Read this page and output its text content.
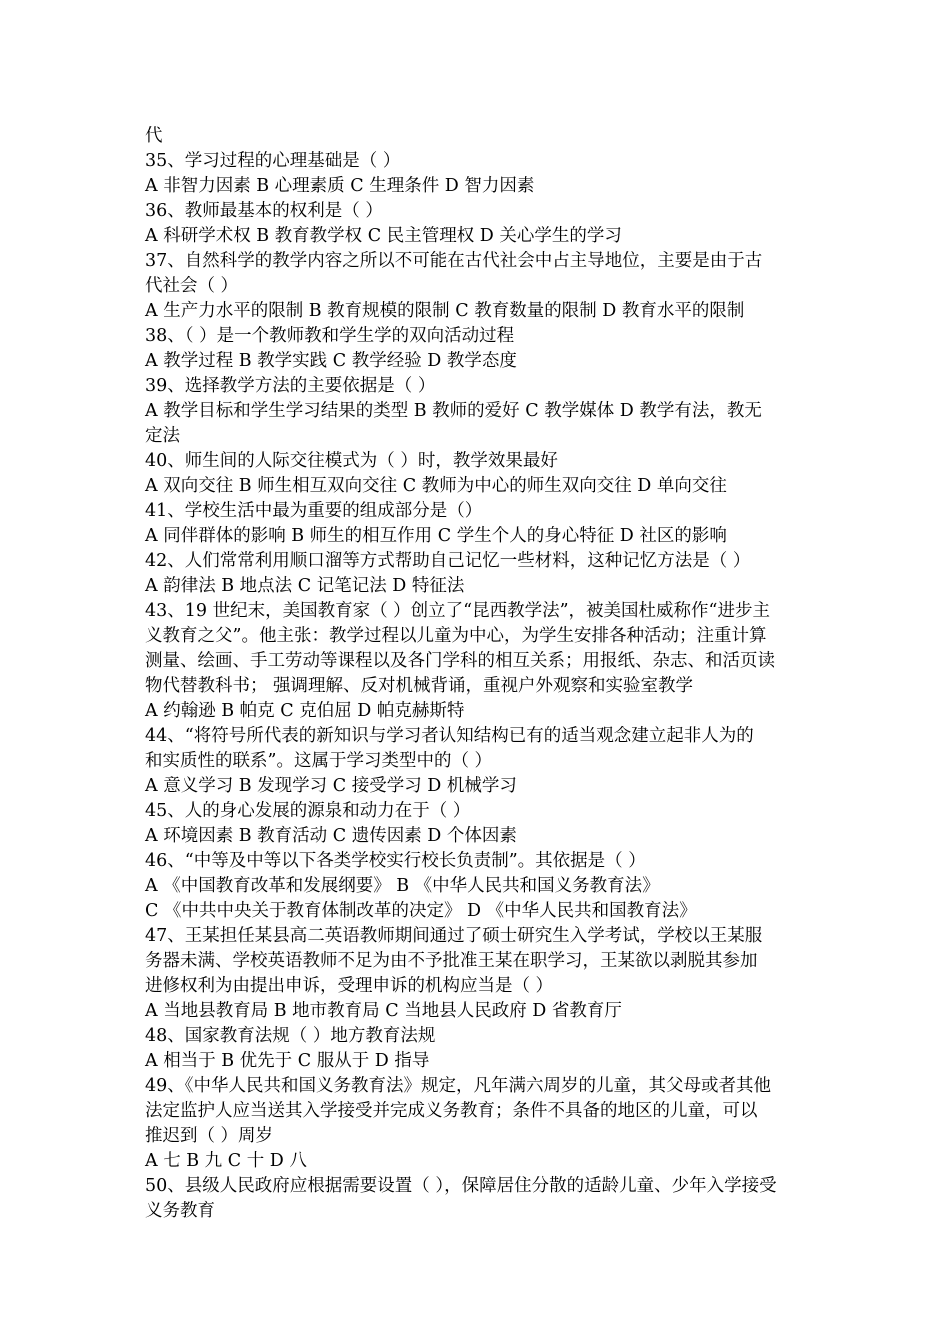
代
35、学习过程的心理基础是（ ）
A 非智力因素 B 心理素质 C 生理条件 D 智力因素
36、教师最基本的权利是（ ）
A 科研学术权 B 教育教学权 C 民主管理权 D 关心学生的学习
37、自然科学的教学内容之所以不可能在古代社会中占主导地位，主要是由于古
代社会（ ）
A 生产力水平的限制 B 教育规模的限制 C 教育数量的限制 D 教育水平的限制
38、（ ）是一个教师教和学生学的双向活动过程
A 教学过程 B 教学实践 C 教学经验 D 教学态度
39、选择教学方法的主要依据是（ ）
A 教学目标和学生学习结果的类型 B 教师的爱好 C 教学媒体 D 教学有法，教无
定法
40、师生间的人际交往模式为（ ）时，教学效果最好
A 双向交往 B 师生相互双向交往 C 教师为中心的师生双向交往 D 单向交往
41、学校生活中最为重要的组成部分是（）
A 同伴群体的影响 B 师生的相互作用 C 学生个人的身心特征 D 社区的影响
42、人们常常利用顺口溜等方式帮助自己记忆一些材料，这种记忆方法是（ ）
A 韵律法 B 地点法 C 记笔记法 D 特征法
43、19 世纪末，美国教育家（ ）创立了“昆西教学法”，被美国杜威称作“进步主
义教育之父”。他主张：教学过程以儿童为中心，为学生安排各种活动；注重计算
测量、绘画、手工劳动等课程以及各门学科的相互关系；用报纸、杂志、和活页读
物代替教科书； 强调理解、反对机械背诵，重视户外观察和实验室教学
A 约翰逊 B 帕克 C 克伯屈 D 帕克赫斯特
44、“将符号所代表的新知识与学习者认知结构已有的适当观念建立起非人为的
和实质性的联系”。这属于学习类型中的（ ）
A 意义学习 B 发现学习 C 接受学习 D 机械学习
45、人的身心发展的源泉和动力在于（ ）
A 环境因素 B 教育活动 C 遗传因素 D 个体因素
46、“中等及中等以下各类学校实行校长负责制”。其依据是（ ）
A 《中国教育改革和发展纲要》 B 《中华人民共和国义务教育法》
C 《中共中央关于教育体制改革的决定》 D 《中华人民共和国教育法》
47、王某担任某县高二英语教师期间通过了硕士研究生入学考试，学校以王某服
务器未满、学校英语教师不足为由不予批准王某在职学习，王某欲以剥脱其参加
进修权利为由提出申诉，受理申诉的机构应当是（ ）
A 当地县教育局 B 地市教育局 C 当地县人民政府 D 省教育厅
48、国家教育法规（ ）地方教育法规
A 相当于 B 优先于 C 服从于 D 指导
49、《中华人民共和国义务教育法》规定，凡年满六周岁的儿童，其父母或者其他
法定监护人应当送其入学接受并完成义务教育；条件不具备的地区的儿童，可以
推迟到（ ）周岁
A 七 B 九 C 十 D 八
50、县级人民政府应根据需要设置（ ），保障居住分散的适龄儿童、少年入学接受
义务教育
